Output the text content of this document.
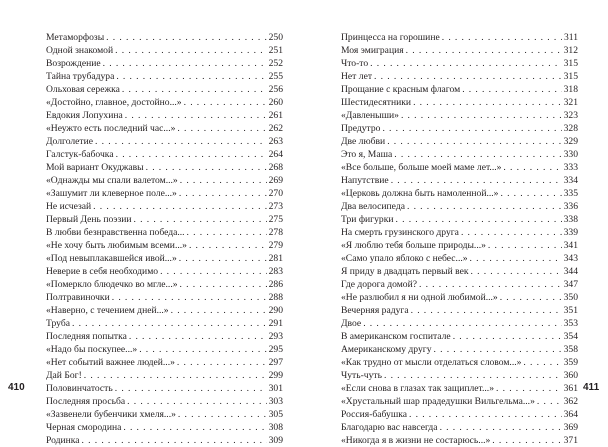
Метаморфозы . . .	250
Одной знакомой . . .	251
Возрождение . . .	252
Тайна трубадура . . .	255
Ольховая сережка . . .	256
«Достойно, главное, достойно...» . . .	260
Евдокия Лопухина . . .	261
«Неужто есть последний час...» . . .	262
Долголетие . . .	263
Галстук-бабочка . . .	264
Мой вариант Окуджавы . . .	268
«Однажды мы спали валетом...» . . .	269
«Зашумит ли клеверное поле...» . . .	270
Не исчезай . . .	273
Первый День поэзии . . .	275
В любви безнравственна победа... . . .	278
«Не хочу быть любимым всеми...» . . .	279
«Под невыплакавшейся ивой...» . . .	281
Неверие в себя необходимо . . .	283
«Померкло блюдечко во мгле...» . . .	286
Полтравиночки . . .	288
«Наверно, с течением дней...» . . .	290
Труба . . .	291
Последняя попытка . . .	293
«Надо бы поскупее...» . . .	295
«Нет событий важнее людей...» . . .	297
Дай Бог! . . .	299
Половинчатость . . .	301
Последняя просьба . . .	303
«Зазвенели бубенчики хмеля...» . . .	305
Черная смородина . . .	308
Родинка . . .	309
Принцесса на горошине . . .	311
Моя эмиграция . . .	312
Что-то . . .	315
Нет лет . . .	315
Прощание с красным флагом . . .	318
Шестидесятники . . .	321
«Давленыши» . . .	323
Предутро . . .	328
Две любви . . .	329
Это я, Маша . . .	330
«Все больше, больше моей маме лет...» . . .	333
Напутствие . . .	334
«Церковь должна быть намоленной...» . . .	335
Два велосипеда . . .	336
Три фигурки . . .	338
На смерть грузинского друга . . .	339
«Я люблю тебя больше природы...» . . .	341
«Само упало яблоко с небес...» . . .	343
Я приду в двадцать первый век . . .	344
Где дорога домой? . . .	347
«Не разлюбил я ни одной любимой...» . . .	350
Вечерняя радуга . . .	351
Двое . . .	353
В американском госпитале . . .	354
Американскому другу . . .	358
«Как трудно от мысли отделаться словом...» . . .	359
Чуть-чуть . . .	360
«Если снова в глазах так защиплет...» . . .	361
«Хрустальный шар прадедушки Вильгельма...» . . .	362
Россия-бабушка . . .	364
Благодарю вас навсегда . . .	369
«Никогда я в жизни не состарюсь...» . . .	371
410	411
